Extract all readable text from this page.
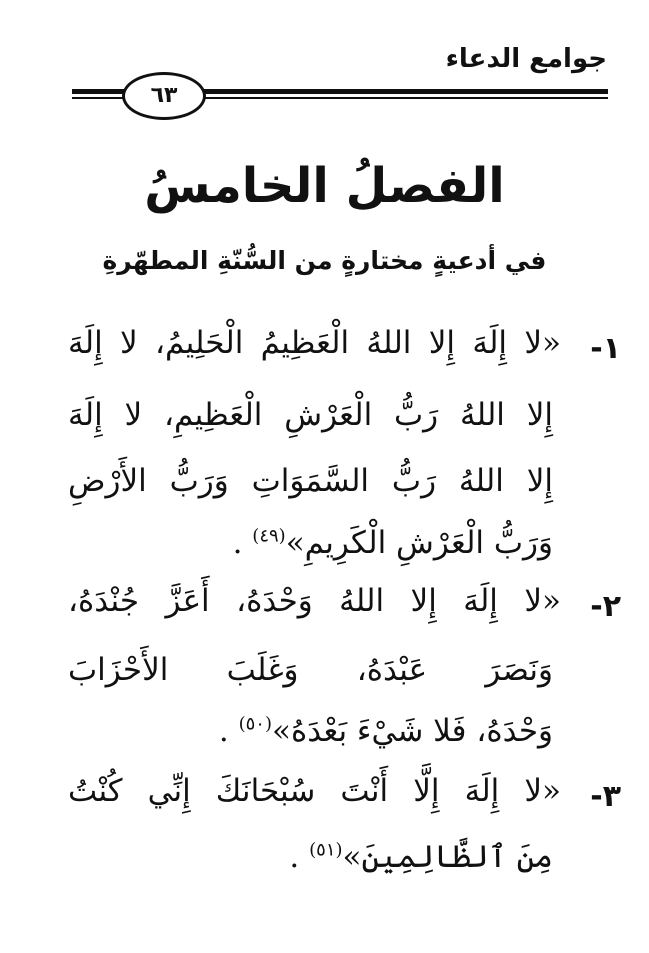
جوامع الدعاء
٦٣
الفصلُ الخامسُ
في أدعيةٍ مختارةٍ من السُّنّةِ المطهّرةِ
١-
«لا إِلَهَ إِلا اللهُ الْعَظِيمُ الْحَلِيمُ، لا إِلَهَ
إِلا اللهُ رَبُّ الْعَرْشِ الْعَظِيمِ، لا إِلَهَ
إِلا اللهُ رَبُّ السَّمَوَاتِ وَرَبُّ الأَرْضِ
وَرَبُّ الْعَرْشِ الْكَرِيمِ»$^{(٤٩)}$ .
٢-
«لا إِلَهَ إِلا اللهُ وَحْدَهُ، أَعَزَّ جُنْدَهُ،
وَنَصَرَ عَبْدَهُ، وَغَلَبَ الأَحْزَابَ
وَحْدَهُ، فَلا شَيْءَ بَعْدَهُ»$^{(٥٠)}$ .
٣-
«لا إِلَهَ إِلَّا أَنْتَ سُبْحَانَكَ إِنِّي كُنْتُ
مِنَ ٱلظَّالِمِينَ»$^{(٥١)}$ .
